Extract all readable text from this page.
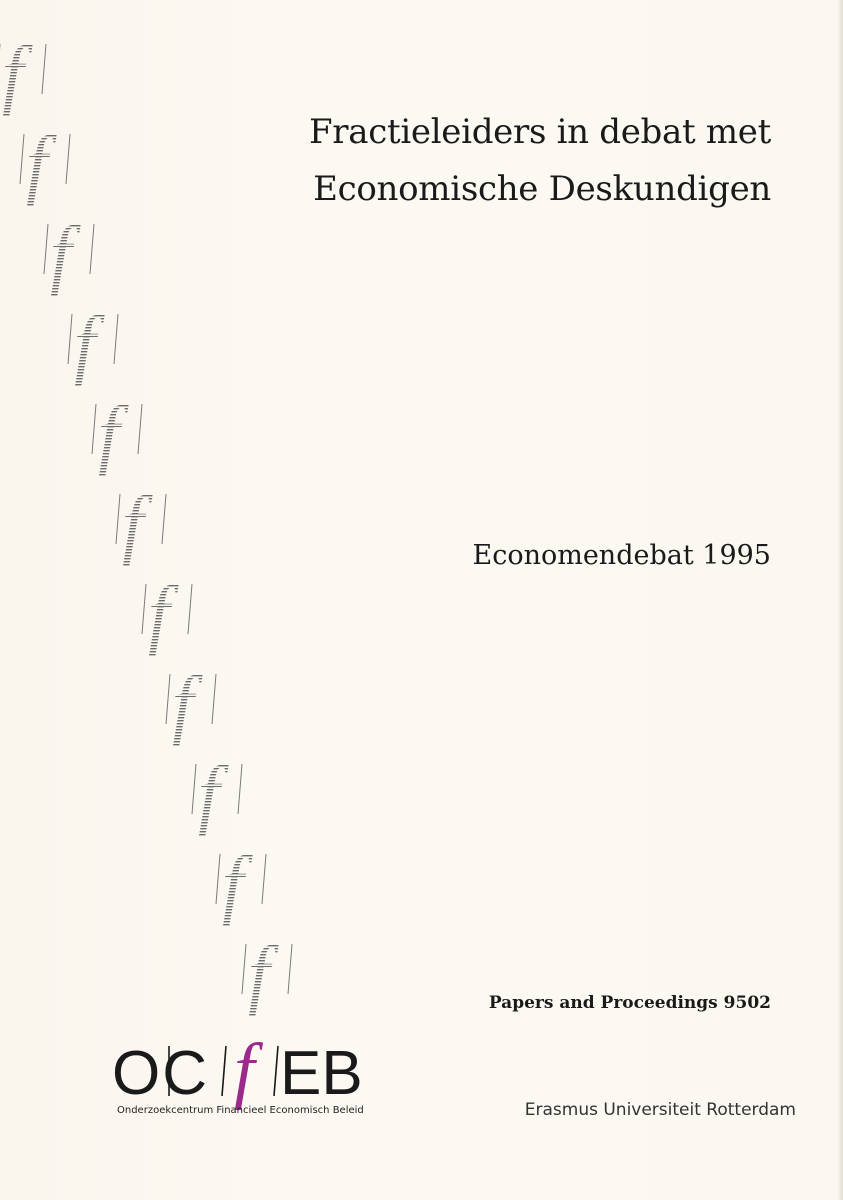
f
f
f
f
f
f
f
f
f
f
f
Fractieleiders in debat met
Economische Deskundigen
Economendebat 1995
Papers and Proceedings 9502
OC f EB
Onderzoekcentrum Financieel Economisch Beleid	Erasmus Universiteit Rotterdam
